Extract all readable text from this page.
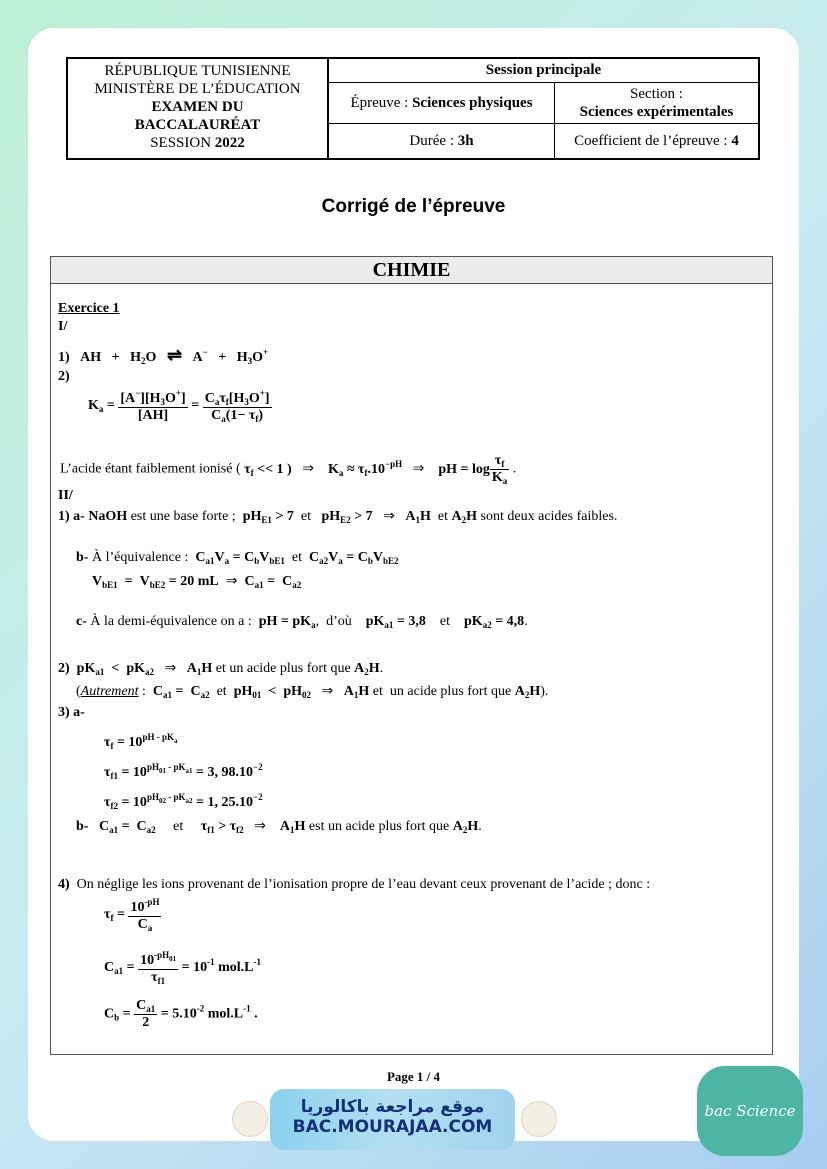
RÉPUBLIQUE TUNISIENNE
MINISTÈRE DE L’ÉDUCATION
EXAMEN DU
BACCALAURÉAT
SESSION 2022
Session principale
Épreuve : Sciences physiques
Section :
Sciences expérimentales
Durée : 3h	Coefficient de l’épreuve : 4
Corrigé de l’épreuve
CHIMIE
Exercice 1
I/
1)   AH   +   $H_2O$   ⇌   $A^- + H_3O^+$
2)
$K_a = \frac{[A^-][H_3O^+]}{[AH]} = \frac{C_a\tau_f[H_3O^+]}{C_a(1- \tau_f)}$
L’acide étant faiblement ionisé ( $\tau_f << 1$ )   ⇒    $K_a \approx \tau_f.10^{-pH}$   ⇒    pH = $\log \frac{\tau_f}{K_a}$ .
II/
1) a- NaOH est une base forte ; $pH_{E1} > 7$  et   $pH_{E2} > 7$   ⇒   $A_1H$  et $A_2H$ sont deux acides faibles.
b- À l’équivalence : $C_{a1}V_a = C_bV_{bE1}$  et  $C_{a2}V_a = C_bV_{bE2}$
$V_{bE1} = V_{bE2} = 20$ mL ⇒  $C_{a1} = C_{a2}$
c- À la demi-équivalence on a : pH = $pK_a$,  d’où    $pK_{a1} = 3,8$    et    $pK_{a2} = 4,8$.
2) $pK_{a1} < pK_{a2}$   ⇒   $A_1H$ et un acide plus fort que $A_2H$.
(Autrement :  $C_{a1} = C_{a2}$  et  $pH_{01} < pH_{02}$   ⇒   $A_1H$ et  un acide plus fort que $A_2H$).
3) a-
$\tau_f = 10^{pH - pK_a}$
$\tau_{f1} = 10^{pH_{01} - pK_{a1}} = 3$, $98.10^{-2}$
$\tau_{f2} = 10^{pH_{02} - pK_{a2}} = 1$, $25.10^{-2}$
b- $C_{a1} = C_{a2}$     et     $\tau_{f1} > \tau_{f2}$   ⇒    $A_1H$ est un acide plus fort que $A_2H$.
4) On néglige les ions provenant de l’ionisation propre de l’eau devant ceux provenant de l’acide ; donc :
$\tau_f = \frac{10^{-pH}}{C_a}$
$C_{a1} = \frac{10^{-pH_{01}}}{\tau_{f1}} = 10^{-1}$ $mol.L^{-1}$
$C_b = \frac{C_{a1}}{2} = 5.10^{-2}$ $mol.L^{-1}$ .
Page 1 / 4
موقع مراجعة باكالوريا
BAC.MOURAJAA.COM
bac Science
